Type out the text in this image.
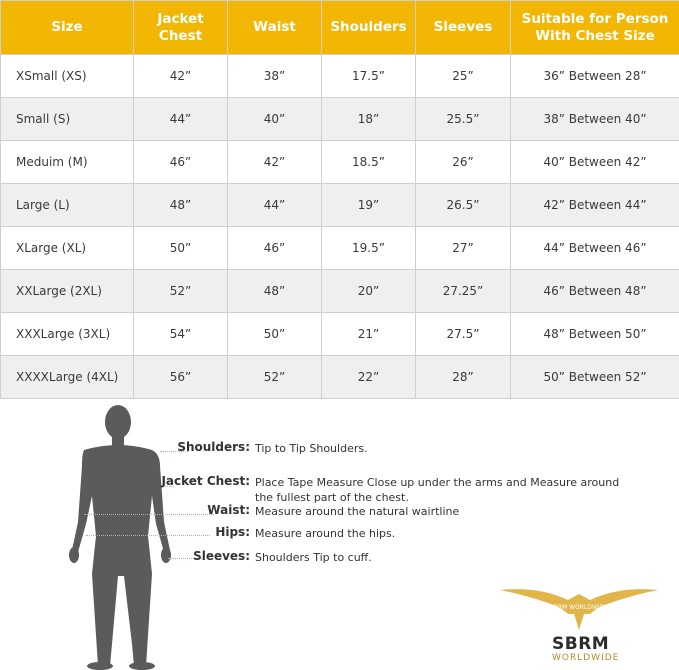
Size	Jacket Chest	Waist	Shoulders	Sleeves	Suitable for Person With Chest Size
XSmall (XS)	42”	38”	17.5”	25”	36” Between 28”
Small (S)	44”	40”	18”	25.5”	38” Between 40”
Meduim (M)	46”	42”	18.5”	26”	40” Between 42”
Large (L)	48”	44”	19”	26.5”	42” Between 44”
XLarge (XL)	50”	46”	19.5”	27”	44” Between 46”
XXLarge (2XL)	52”	48”	20”	27.25”	46” Between 48”
XXXLarge (3XL)	54”	50”	21”	27.5”	48” Between 50”
XXXXLarge (4XL)	56”	52”	22”	28”	50” Between 52”
Shoulders: Tip to Tip Shoulders.
Jacket Chest: Place Tape Measure Close up under the arms and Measure around the fullest part of the chest.
Waist: Measure around the natural wairtline
Hips: Measure around the hips.
Sleeves: Shoulders Tip to cuff.
SBRM WORLDWIDE
SBRM
WORLDWIDE
